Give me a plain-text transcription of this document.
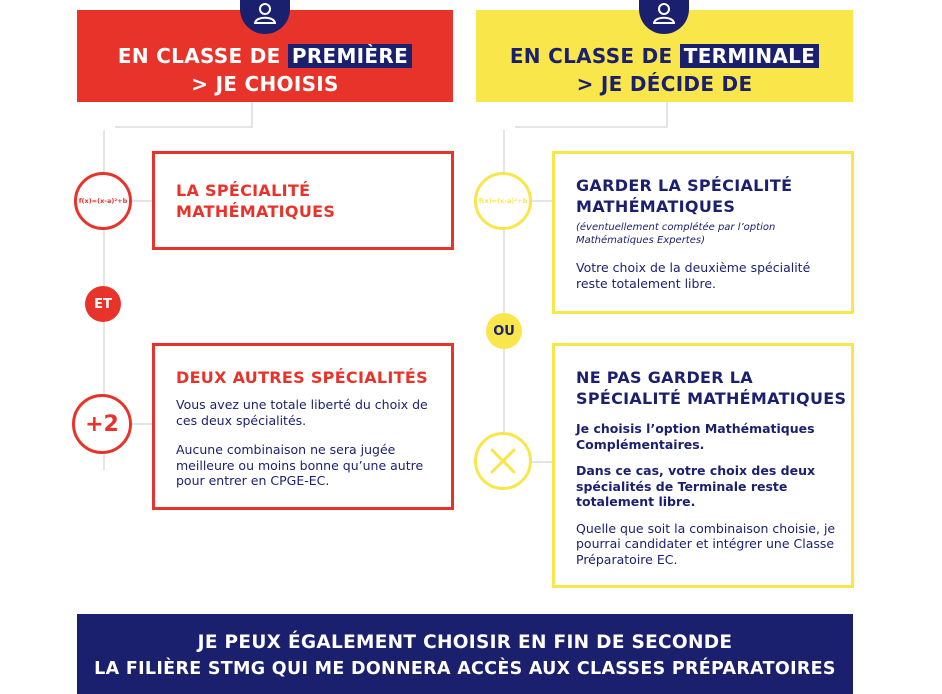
EN CLASSE DE PREMIÈRE
> JE CHOISIS
EN CLASSE DE TERMINALE
> JE DÉCIDE DE
f(x)=(x-a)²+b
ET
+2
LA SPÉCIALITÉ
MATHÉMATIQUES
DEUX AUTRES SPÉCIALITÉS
Vous avez une totale liberté du choix de
ces deux spécialités.
Aucune combinaison ne sera jugée
meilleure ou moins bonne qu’une autre
pour entrer en CPGE-EC.
f(x)=(x-a)²+b
OU
GARDER LA SPÉCIALITÉ
MATHÉMATIQUES
(éventuellement complétée par l’option
Mathématiques Expertes)
Votre choix de la deuxième spécialité
reste totalement libre.
NE PAS GARDER LA
SPÉCIALITÉ MATHÉMATIQUES
Je choisis l’option Mathématiques
Complémentaires.
Dans ce cas, votre choix des deux
spécialités de Terminale reste
totalement libre.
Quelle que soit la combinaison choisie, je
pourrai candidater et intégrer une Classe
Préparatoire EC.
JE PEUX ÉGALEMENT CHOISIR EN FIN DE SECONDE
LA FILIÈRE STMG QUI ME DONNERA ACCÈS AUX CLASSES PRÉPARATOIRES
